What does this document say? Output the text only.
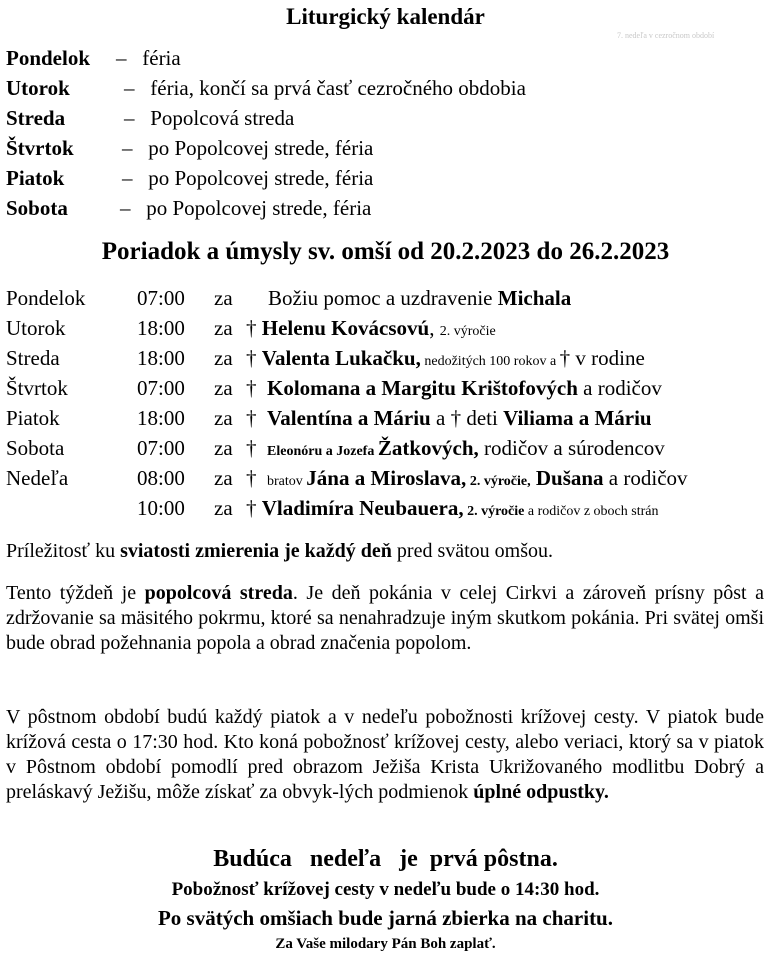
Liturgický kalendár
7. nedeľa v cezročnom období
Pondelok – féria
Utorok	– féria, končí sa prvá časť cezročného obdobia
Streda	– Popolcová streda
Štvrtok – po Popolcovej strede, féria
Piatok	– po Popolcovej strede, féria
Sobota – po Popolcovej strede, féria
Poriadok a úmysly sv. omší od 20.2.2023 do 26.2.2023
Pondelok 07:00 za Božiu pomoc a uzdravenie Michala
Utorok	18:00 za † Helenu Kovácsovú, 2. výročie
Streda	18:00 za † Valenta Lukačku, nedožitých 100 rokov a † v rodine
Štvrtok	07:00 za † Kolomana a Margitu Krištofových a rodičov
Piatok	18:00 za † Valentína a Máriu a † deti Viliama a Máriu
Sobota	07:00 za † Eleonóru a Jozefa Žatkových, rodičov a súrodencov
Nedeľa	08:00 za † bratov Jána a Miroslava, 2. výročie, Dušana a rodičov
10:00 za † Vladimíra Neubauera, 2. výročie a rodičov z oboch strán
Príležitosť ku sviatosti zmierenia je každý deň pred svätou omšou.
Tento týždeň je popolcová streda. Je deň pokánia v celej Cirkvi a zároveň prísny pôst a zdržovanie sa mäsitého pokrmu, ktoré sa nenahradzuje iným skutkom pokánia. Pri svätej omši bude obrad požehnania popola a obrad značenia popolom.
V pôstnom období budú každý piatok a v nedeľu pobožnosti krížovej cesty. V piatok bude krížová cesta o 17:30 hod. Kto koná pobožnosť krížovej cesty, alebo veriaci, ktorý sa v piatok v Pôstnom období pomodlí pred obrazom Ježiša Krista Ukrižovaného modlitbu Dobrý a preláskavý Ježišu, môže získať za obvyk-lých podmienok úplné odpustky.
Budúca   nedeľa   je  prvá pôstna.
Pobožnosť krížovej cesty v nedeľu bude o 14:30 hod.
Po svätých omšiach bude jarná zbierka na charitu.
Za Vaše milodary Pán Boh zaplať.
